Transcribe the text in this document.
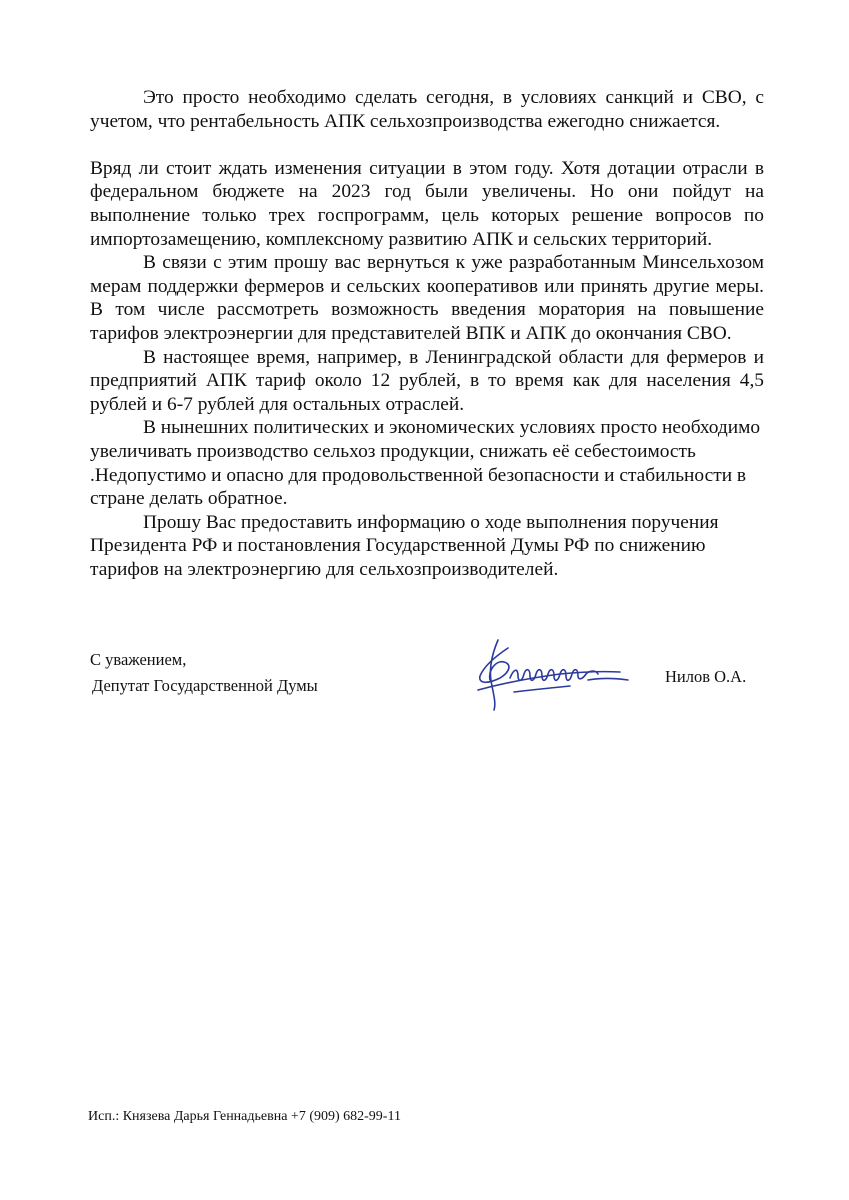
Это просто необходимо сделать сегодня, в условиях санкций и СВО, с учетом, что рентабельность АПК сельхозпроизводства ежегодно снижается.

Вряд ли стоит ждать изменения ситуации в этом году. Хотя дотации отрасли в федеральном бюджете на 2023 год были увеличены. Но они пойдут на выполнение только трех госпрограмм, цель которых решение вопросов по импортозамещению, комплексному развитию АПК и сельских территорий.

В связи с этим прошу вас вернуться к уже разработанным Минсельхозом мерам поддержки фермеров и сельских кооперативов или принять другие меры. В том числе рассмотреть возможность введения моратория на повышение тарифов электроэнергии для представителей ВПК и АПК до окончания СВО.

В настоящее время, например, в Ленинградской области для фермеров и предприятий АПК тариф около 12 рублей, в то время как для населения 4,5 рублей и 6-7 рублей для остальных отраслей.

В нынешних политических и экономических условиях просто необходимо увеличивать производство сельхоз продукции, снижать её себестоимость .Недопустимо и опасно для продовольственной безопасности и стабильности в стране делать обратное.

Прошу Вас предоставить информацию о ходе выполнения поручения Президента РФ и постановления Государственной Думы РФ по снижению тарифов на электроэнергию для сельхозпроизводителей.

С уважением,
Депутат Государственной Думы	Нилов О.А.
Исп.: Князева Дарья Геннадьевна +7 (909) 682-99-11
